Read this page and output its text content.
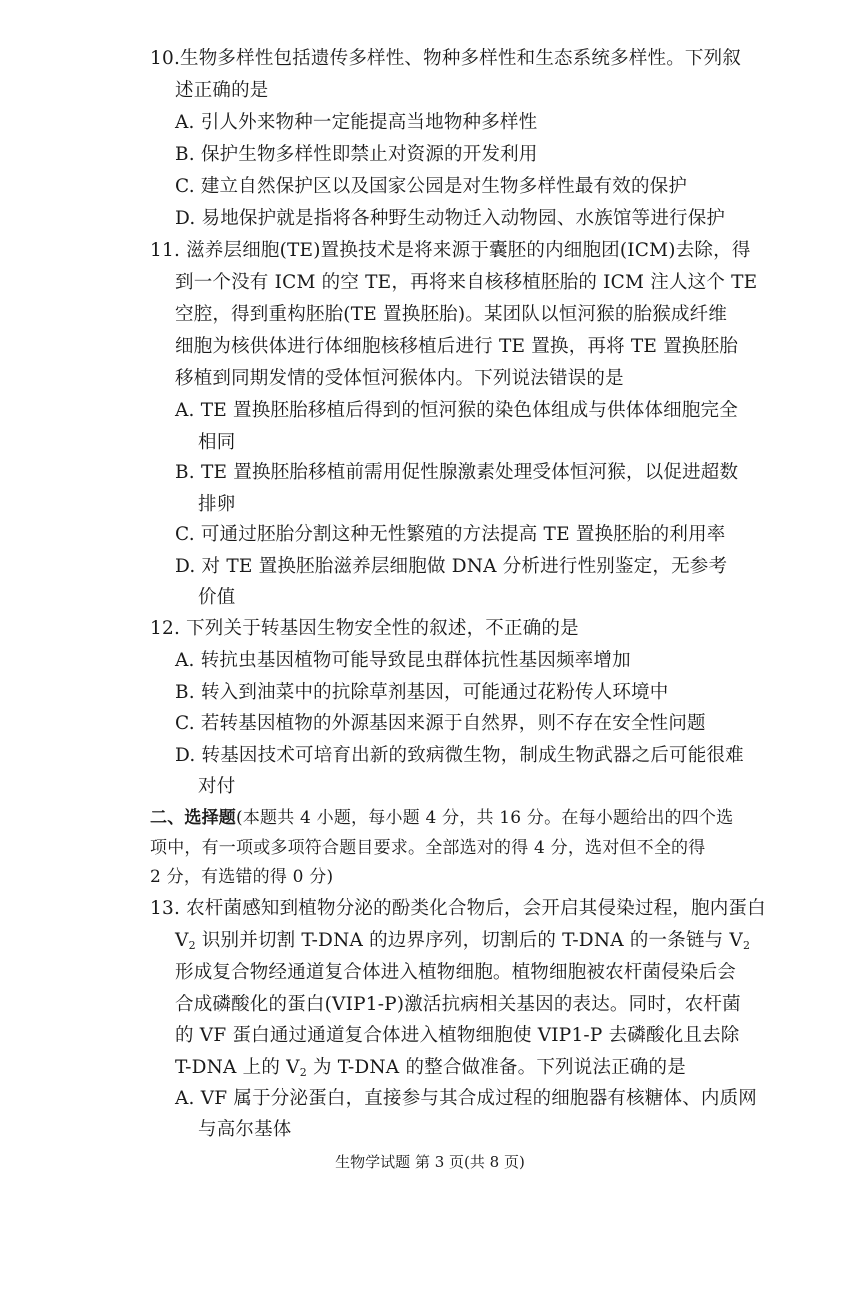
10.生物多样性包括遗传多样性、物种多样性和生态系统多样性。下列叙
述正确的是
A. 引人外来物种一定能提高当地物种多样性
B. 保护生物多样性即禁止对资源的开发利用
C. 建立自然保护区以及国家公园是对生物多样性最有效的保护
D. 易地保护就是指将各种野生动物迁入动物园、水族馆等进行保护
11. 滋养层细胞(TE)置换技术是将来源于囊胚的内细胞团(ICM)去除，得
到一个没有 ICM 的空 TE，再将来自核移植胚胎的 ICM 注人这个 TE
空腔，得到重构胚胎(TE 置换胚胎)。某团队以恒河猴的胎猴成纤维
细胞为核供体进行体细胞核移植后进行 TE 置换，再将 TE 置换胚胎
移植到同期发情的受体恒河猴体内。下列说法错误的是
A. TE 置换胚胎移植后得到的恒河猴的染色体组成与供体体细胞完全
相同
B. TE 置换胚胎移植前需用促性腺激素处理受体恒河猴，以促进超数
排卵
C. 可通过胚胎分割这种无性繁殖的方法提高 TE 置换胚胎的利用率
D. 对 TE 置换胚胎滋养层细胞做 DNA 分析进行性别鉴定，无参考
价值
12. 下列关于转基因生物安全性的叙述，不正确的是
A. 转抗虫基因植物可能导致昆虫群体抗性基因频率增加
B. 转入到油菜中的抗除草剂基因，可能通过花粉传人环境中
C. 若转基因植物的外源基因来源于自然界，则不存在安全性问题
D. 转基因技术可培育出新的致病微生物，制成生物武器之后可能很难
对付
二、选择题(本题共 4 小题，每小题 4 分，共 16 分。在每小题给出的四个选
项中，有一项或多项符合题目要求。全部选对的得 4 分，选对但不全的得
2 分，有选错的得 0 分)
13. 农杆菌感知到植物分泌的酚类化合物后，会开启其侵染过程，胞内蛋白
$V_2$ 识别并切割 T-DNA 的边界序列，切割后的 T-DNA 的一条链与 $V_2$
形成复合物经通道复合体进入植物细胞。植物细胞被农杆菌侵染后会
合成磷酸化的蛋白(VIP1-P)激活抗病相关基因的表达。同时，农杆菌
的 VF 蛋白通过通道复合体进入植物细胞使 VIP1-P 去磷酸化且去除
T-DNA 上的 $V_2$ 为 T-DNA 的整合做准备。下列说法正确的是
A. VF 属于分泌蛋白，直接参与其合成过程的细胞器有核糖体、内质网
与高尔基体
生物学试题 第 3 页(共 8 页)
